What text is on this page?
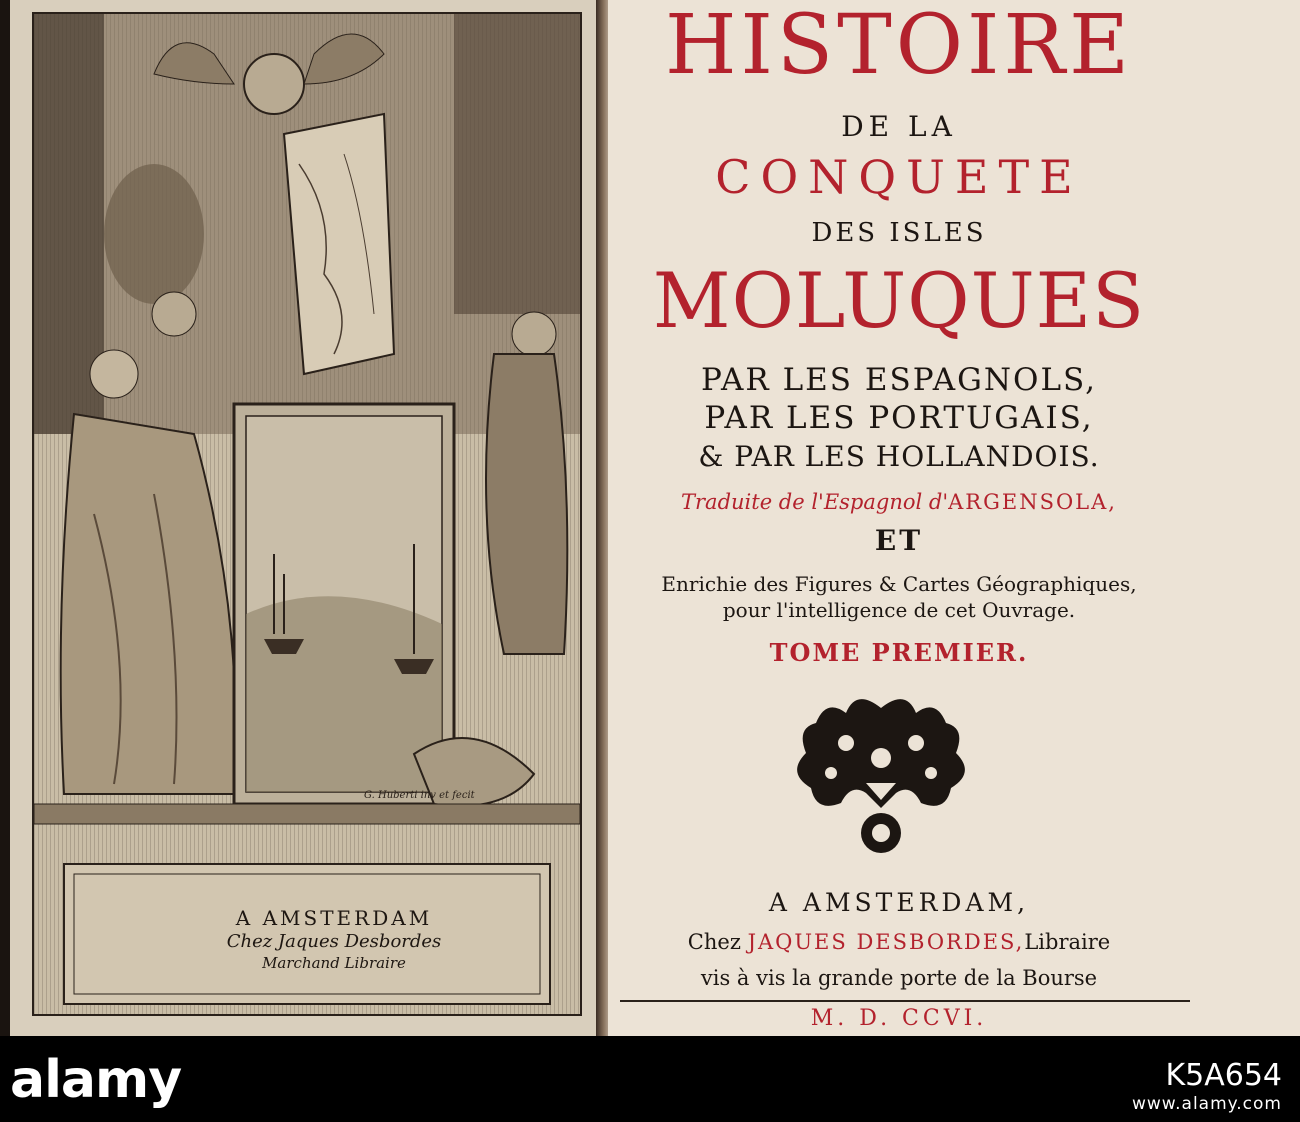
A AMSTERDAM
Chez Jaques Desbordes
Marchand Libraire
G. Huberti inv et fecit
HISTOIRE
DE LA
CONQUETE
DES ISLES
MOLUQUES
PAR LES ESPAGNOLS,
PAR LES PORTUGAIS,
& PAR LES HOLLANDOIS.
Traduite de l'Espagnol d'ARGENSOLA,
ET
Enrichie des Figures & Cartes Géographiques,
pour l'intelligence de cet Ouvrage.
TOME PREMIER.
A AMSTERDAM,
Chez JAQUES DESBORDES,Libraire
vis à vis la grande porte de la Bourse
M. D. CCVI.
alamy	K5A654
www.alamy.com
